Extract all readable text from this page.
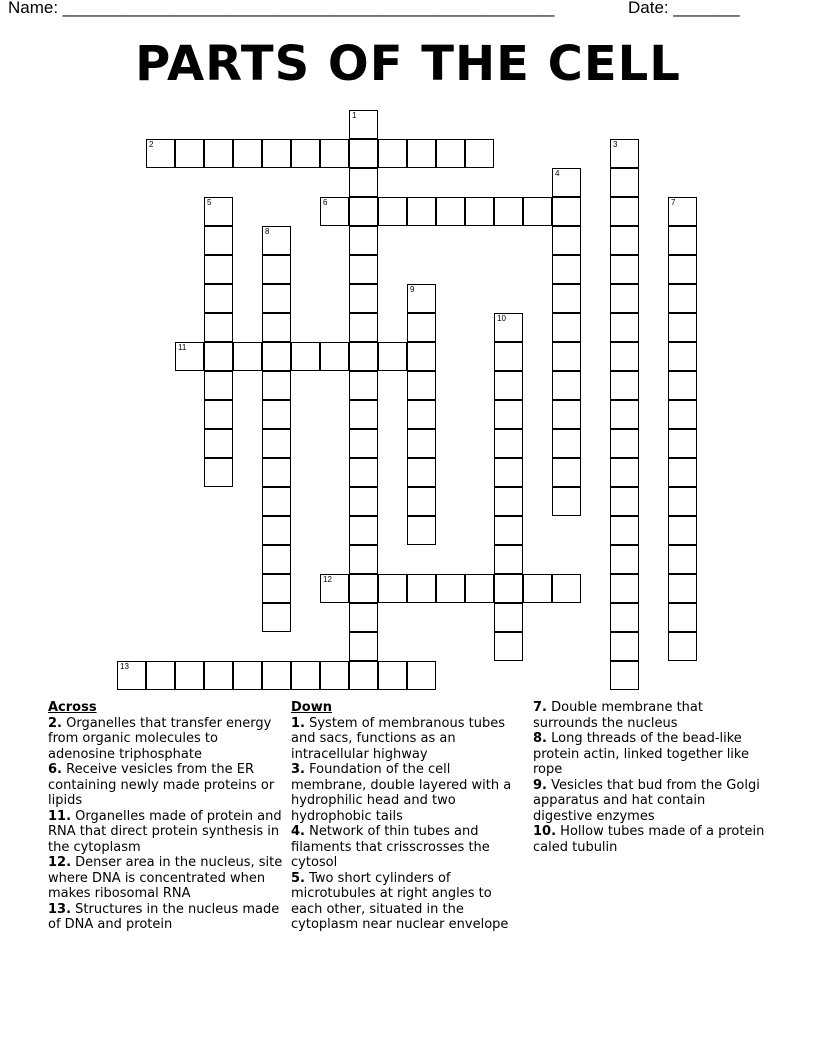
Name: ____________________________________________________	Date: _______
PARTS OF THE CELL
1
2	3
4
5	6	7
8
9
10
11
12
13
Across
2. Organelles that transfer energy from organic molecules to adenosine triphosphate
6. Receive vesicles from the ER containing newly made proteins or lipids
11. Organelles made of protein and RNA that direct protein synthesis in the cytoplasm
12. Denser area in the nucleus, site where DNA is concentrated when makes ribosomal RNA
13. Structures in the nucleus made of DNA and protein
Down
1. System of membranous tubes and sacs, functions as an intracellular highway
3. Foundation of the cell membrane, double layered with a hydrophilic head and two hydrophobic tails
4. Network of thin tubes and filaments that crisscrosses the cytosol
5. Two short cylinders of microtubules at right angles to each other, situated in the cytoplasm near nuclear envelope
7. Double membrane that surrounds the nucleus
8. Long threads of the bead-like protein actin, linked together like rope
9. Vesicles that bud from the Golgi apparatus and hat contain digestive enzymes
10. Hollow tubes made of a protein caled tubulin
